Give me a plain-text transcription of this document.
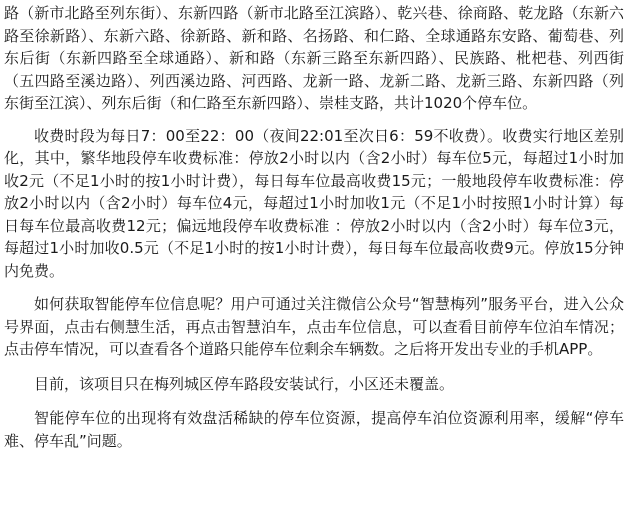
路（新市北路至列东街）、东新四路（新市北路至江滨路）、乾兴巷、徐商路、乾龙路（东新六路至徐新路）、东新六路、徐新路、新和路、名扬路、和仁路、全球通路东安路、葡萄巷、列东后街（东新四路至全球通路）、新和路（东新三路至东新四路）、民族路、枇杷巷、列西街（五四路至溪边路）、列西溪边路、河西路、龙新一路、龙新二路、龙新三路、东新四路（列东街至江滨）、列东后街（和仁路至东新四路）、崇桂支路，共计1020个停车位。

收费时段为每日7：00至22：00（夜间22:01至次日6：59不收费）。收费实行地区差别化，其中，繁华地段停车收费标准：停放2小时以内（含2小时）每车位5元，每超过1小时加收2元（不足1小时的按1小时计费），每日每车位最高收费15元；一般地段停车收费标准：停放2小时以内（含2小时）每车位4元，每超过1小时加收1元（不足1小时按照1小时计算）每日每车位最高收费12元；偏远地段停车收费标准 ：停放2小时以内（含2小时）每车位3元，每超过1小时加收0.5元（不足1小时的按1小时计费），每日每车位最高收费9元。停放15分钟内免费。

如何获取智能停车位信息呢？用户可通过关注微信公众号“智慧梅列”服务平台，进入公众号界面，点击右侧慧生活，再点击智慧泊车，点击车位信息，可以查看目前停车位泊车情况；点击停车情况，可以查看各个道路只能停车位剩余车辆数。之后将开发出专业的手机APP。

目前，该项目只在梅列城区停车路段安装试行，小区还未覆盖。

智能停车位的出现将有效盘活稀缺的停车位资源，提高停车泊位资源利用率，缓解“停车难、停车乱”问题。
